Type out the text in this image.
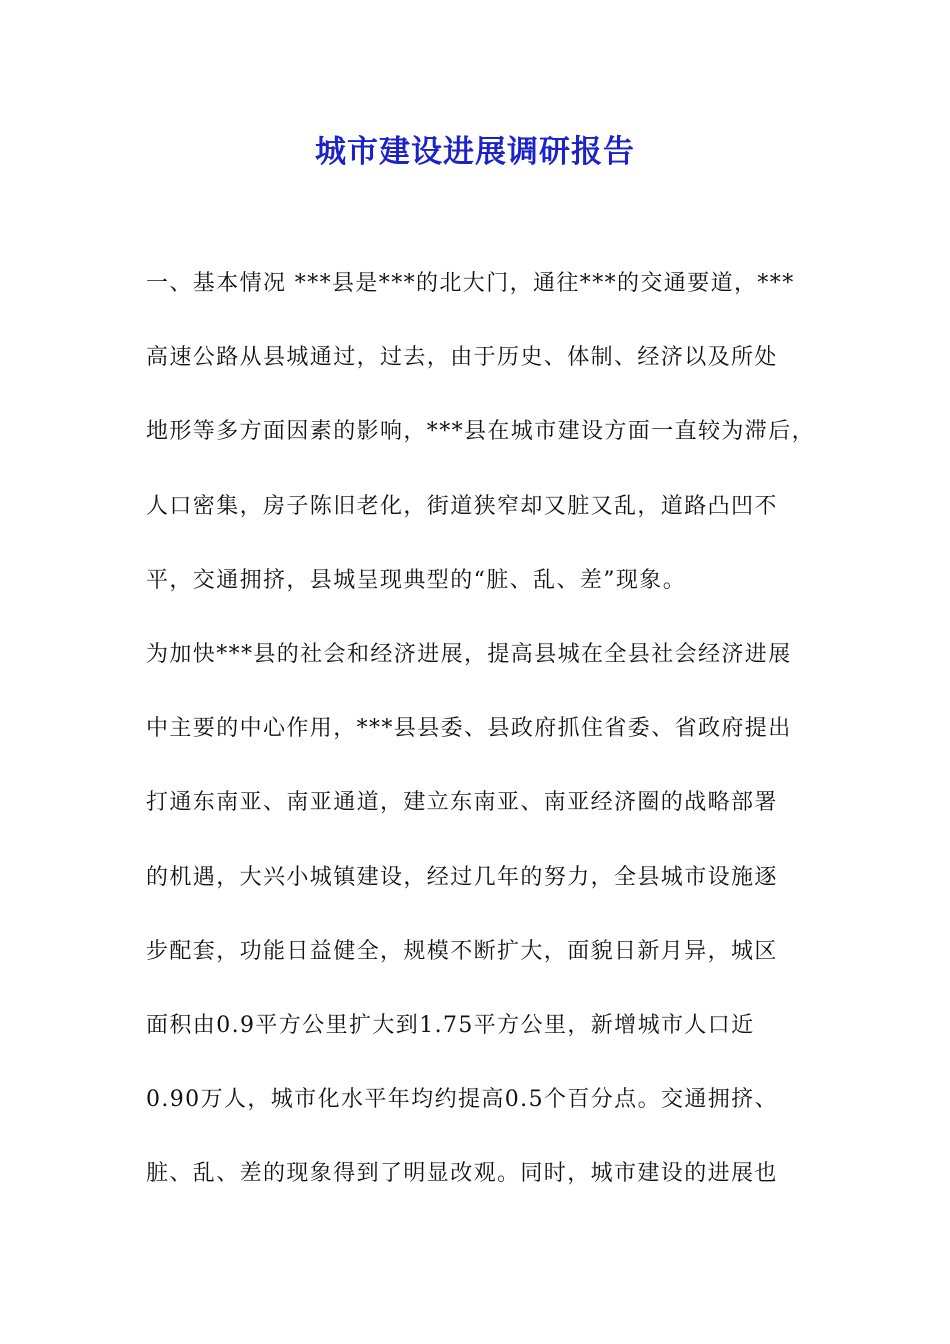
城市建设进展调研报告
一、基本情况 ***县是***的北大门，通往***的交通要道，***
高速公路从县城通过，过去，由于历史、体制、经济以及所处
地形等多方面因素的影响，***县在城市建设方面一直较为滞后，
人口密集，房子陈旧老化，街道狭窄却又脏又乱，道路凸凹不
平，交通拥挤，县城呈现典型的“脏、乱、差”现象。
为加快***县的社会和经济进展，提高县城在全县社会经济进展
中主要的中心作用，***县县委、县政府抓住省委、省政府提出
打通东南亚、南亚通道，建立东南亚、南亚经济圈的战略部署
的机遇，大兴小城镇建设，经过几年的努力，全县城市设施逐
步配套，功能日益健全，规模不断扩大，面貌日新月异，城区
面积由0.9平方公里扩大到1.75平方公里，新增城市人口近
0.90万人，城市化水平年均约提高0.5个百分点。交通拥挤、
脏、乱、差的现象得到了明显改观。同时，城市建设的进展也
